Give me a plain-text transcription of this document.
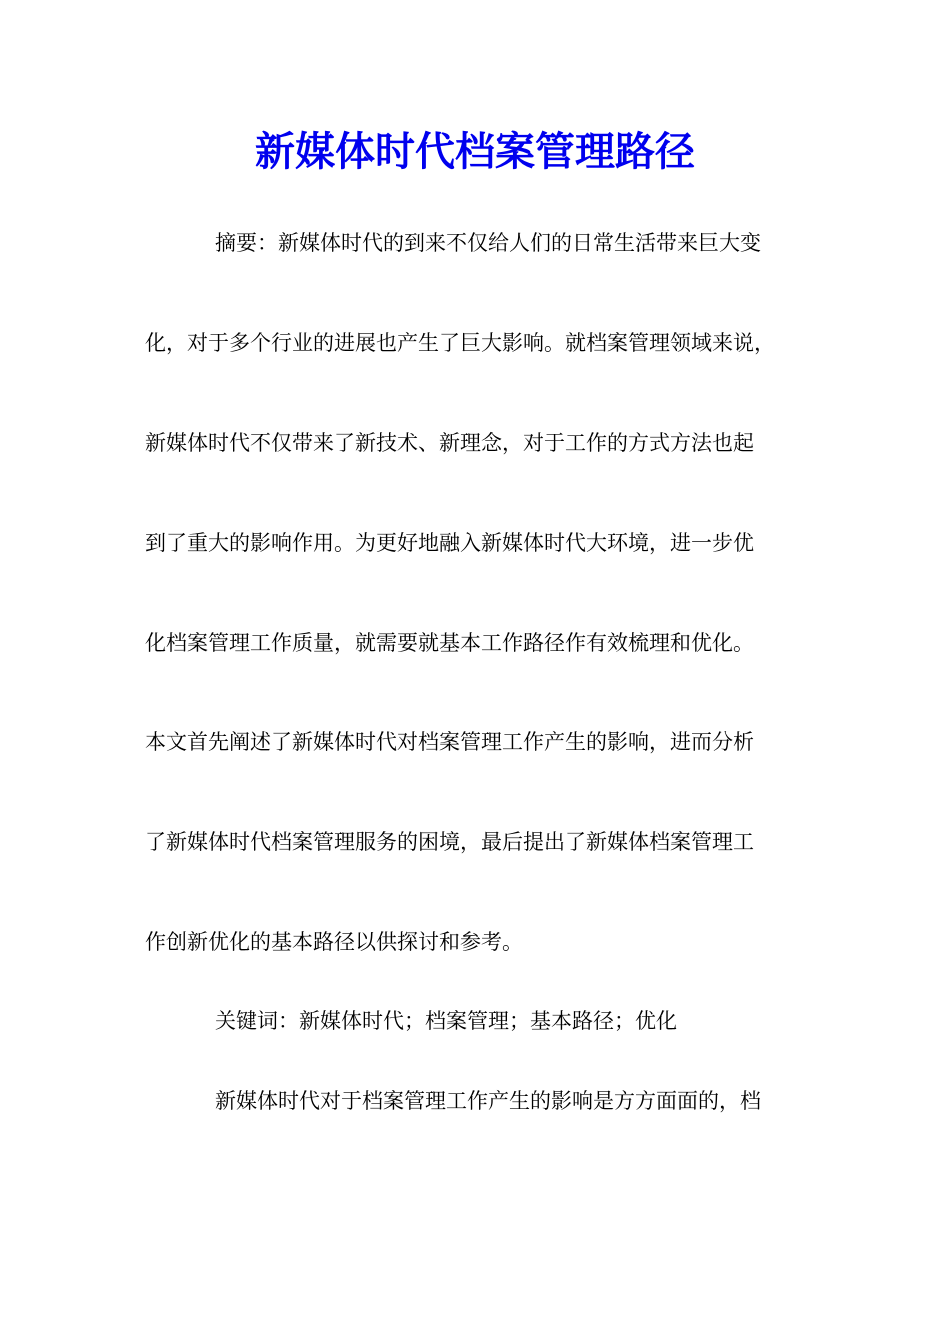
新媒体时代档案管理路径

摘要：新媒体时代的到来不仅给人们的日常生活带来巨大变

化，对于多个行业的进展也产生了巨大影响。就档案管理领域来说，

新媒体时代不仅带来了新技术、新理念，对于工作的方式方法也起

到了重大的影响作用。为更好地融入新媒体时代大环境，进一步优

化档案管理工作质量，就需要就基本工作路径作有效梳理和优化。

本文首先阐述了新媒体时代对档案管理工作产生的影响，进而分析

了新媒体时代档案管理服务的困境，最后提出了新媒体档案管理工

作创新优化的基本路径以供探讨和参考。

关键词：新媒体时代；档案管理；基本路径；优化

新媒体时代对于档案管理工作产生的影响是方方面面的，档
